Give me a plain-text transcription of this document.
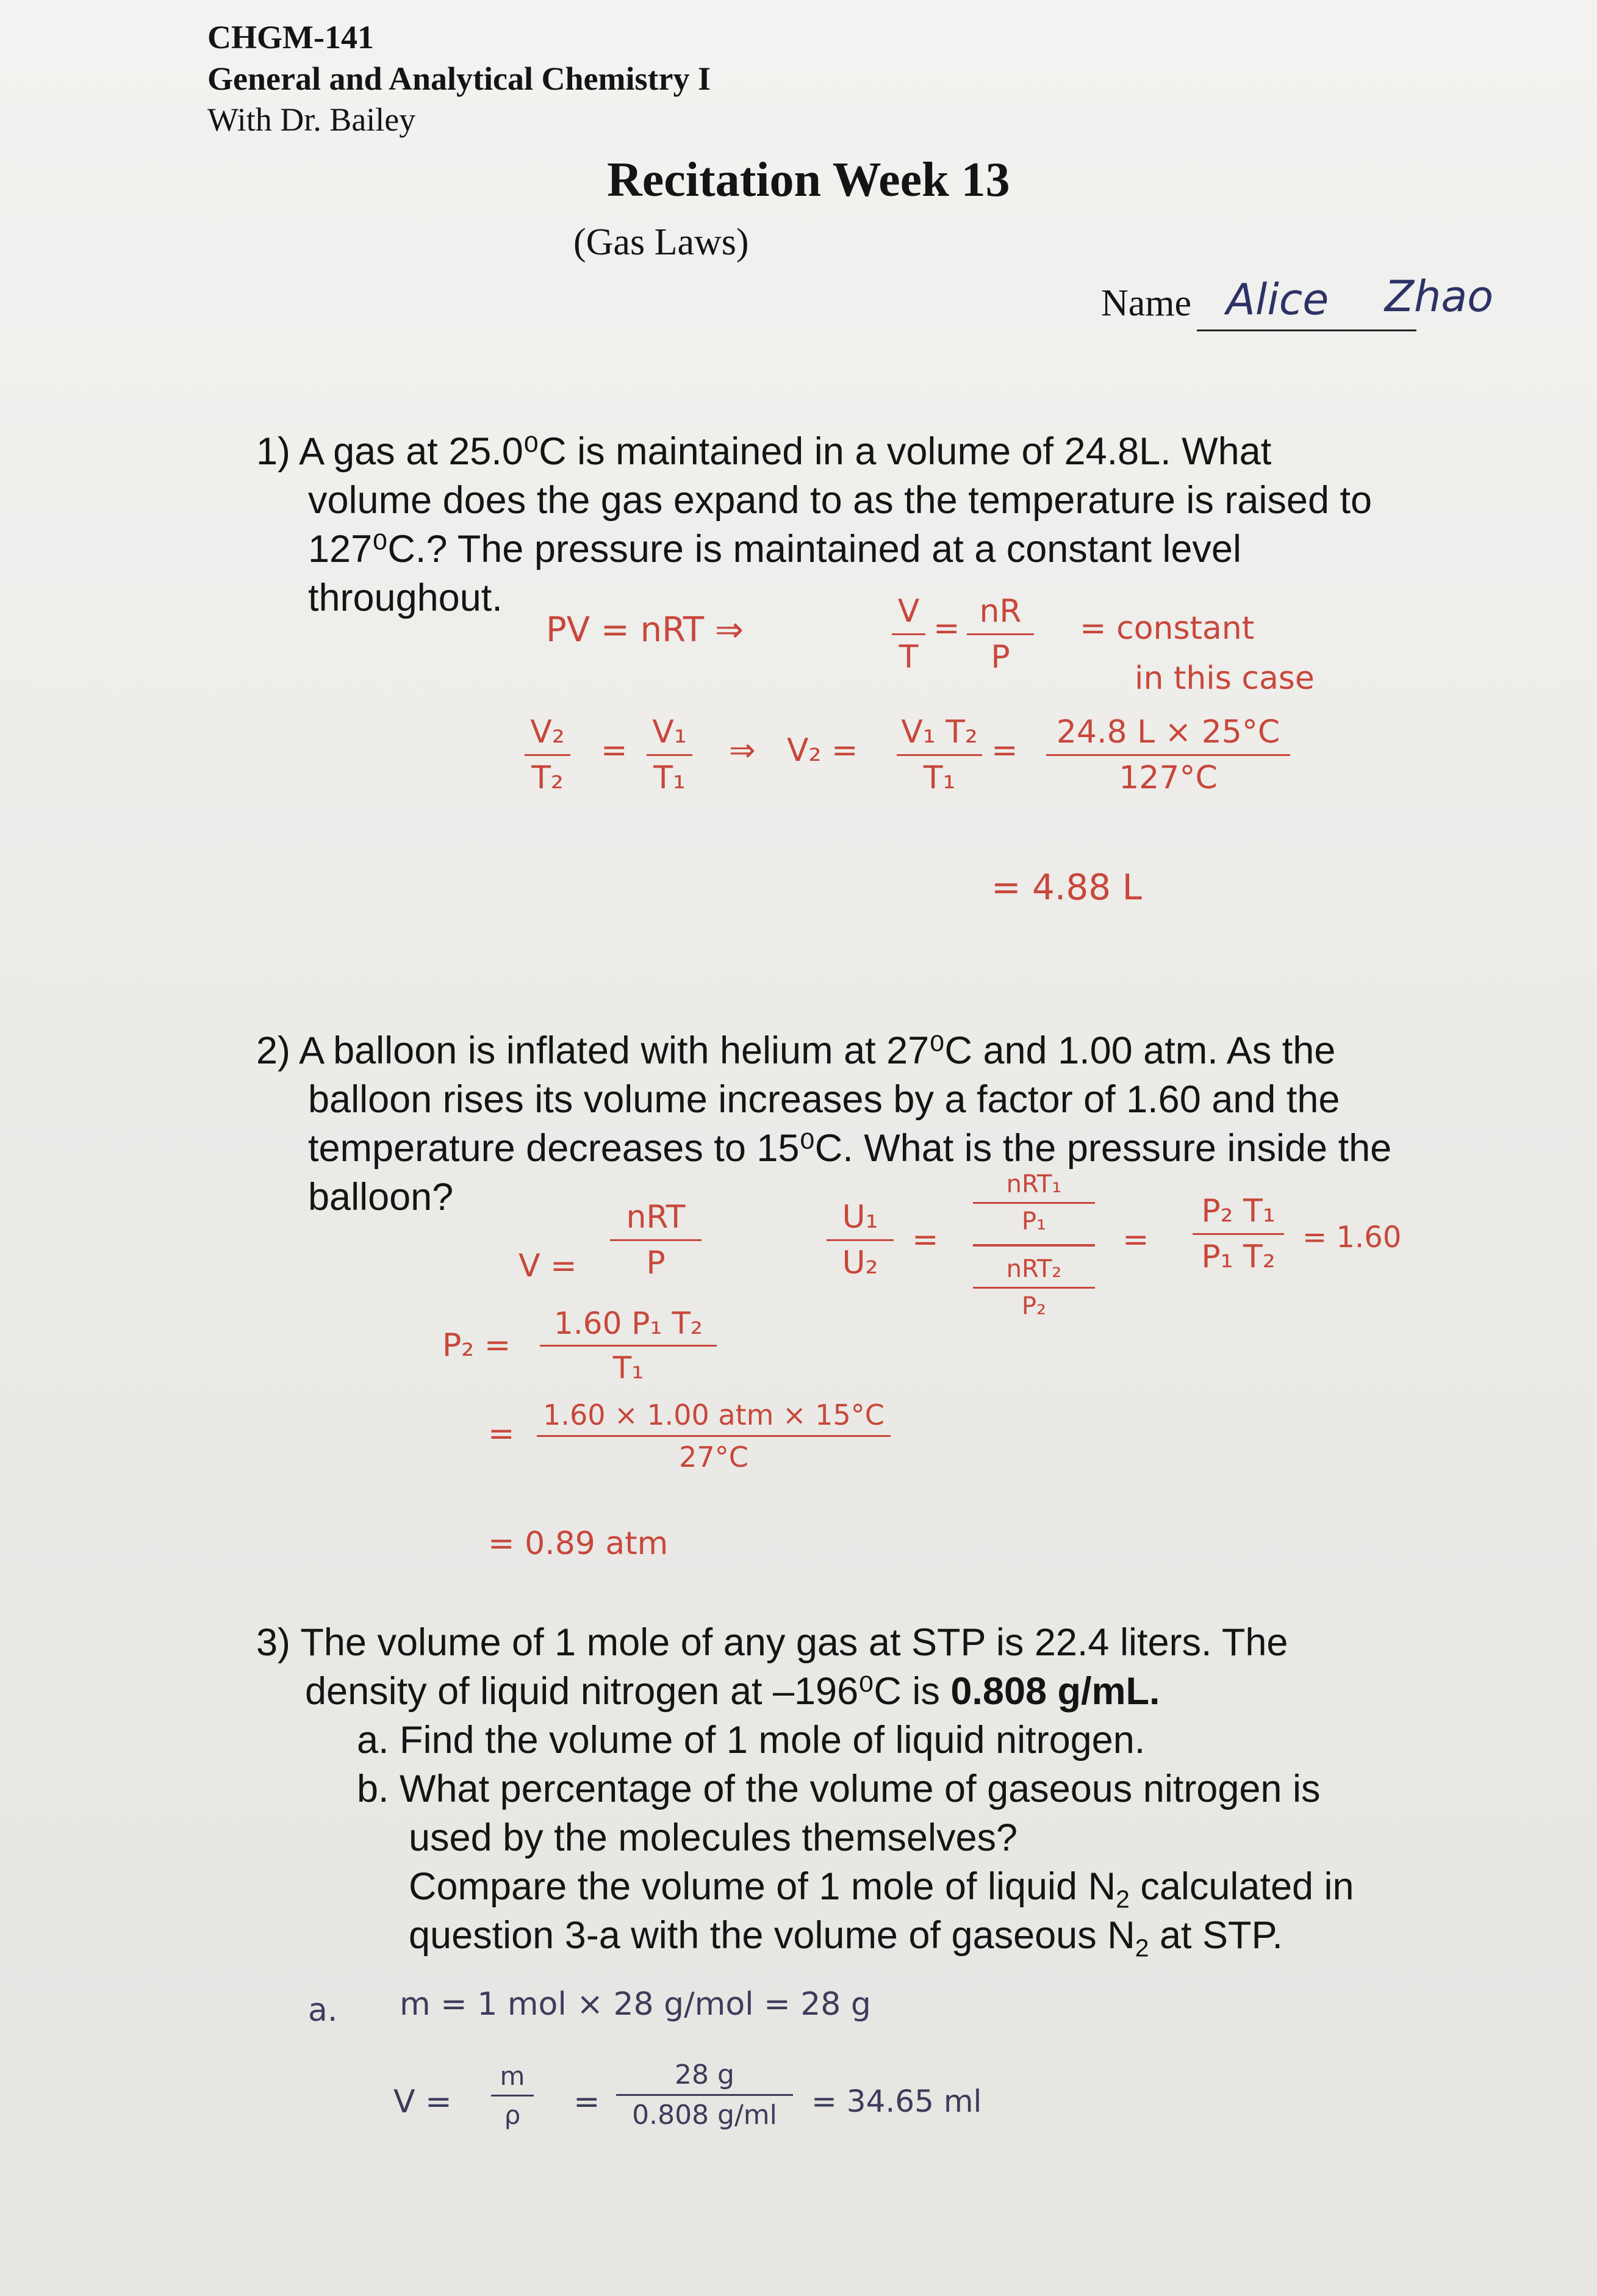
CHGM-141
General and Analytical Chemistry I
With Dr. Bailey
Recitation Week 13
(Gas Laws)
Name Alice Zhao
1) A gas at 25.0⁰C is maintained in a volume of 24.8L. What
volume does the gas expand to as the temperature is raised to
127⁰C.? The pressure is maintained at a constant level
throughout.
PV = nRT ⇒	V
T
= nR
P
= constant
in this case
V₂
T₂
= V₁
T₁
⇒ V₂ = V₁ T₂
T₁
=	24.8 L × 25°C
127°C
= 4.88 L
2) A balloon is inflated with helium at 27⁰C and 1.00 atm. As the
balloon rises its volume increases by a factor of 1.60 and the
temperature decreases to 15⁰C. What is the pressure inside the
balloon?
V =
nRT
P
U₁
U₂
=
nRT₁
P₁
nRT₂
P₂
=
P₂ T₁
P₁ T₂
= 1.60
P₂ =
1.60 P₁ T₂
T₁
=
1.60 × 1.00 atm × 15°C
27°C
= 0.89 atm
3) The volume of 1 mole of any gas at STP is 22.4 liters. The
density of liquid nitrogen at –196⁰C is 0.808 g/mL.
a. Find the volume of 1 mole of liquid nitrogen.
b. What percentage of the volume of gaseous nitrogen is
used by the molecules themselves?
Compare the volume of 1 mole of liquid $N_2$ calculated in
question 3-a with the volume of gaseous $N_2$ at STP.
a. m = 1 mol × 28 g/mol = 28 g
V =
m
ρ	=
28 g
0.808 g/ml	= 34.65 ml
